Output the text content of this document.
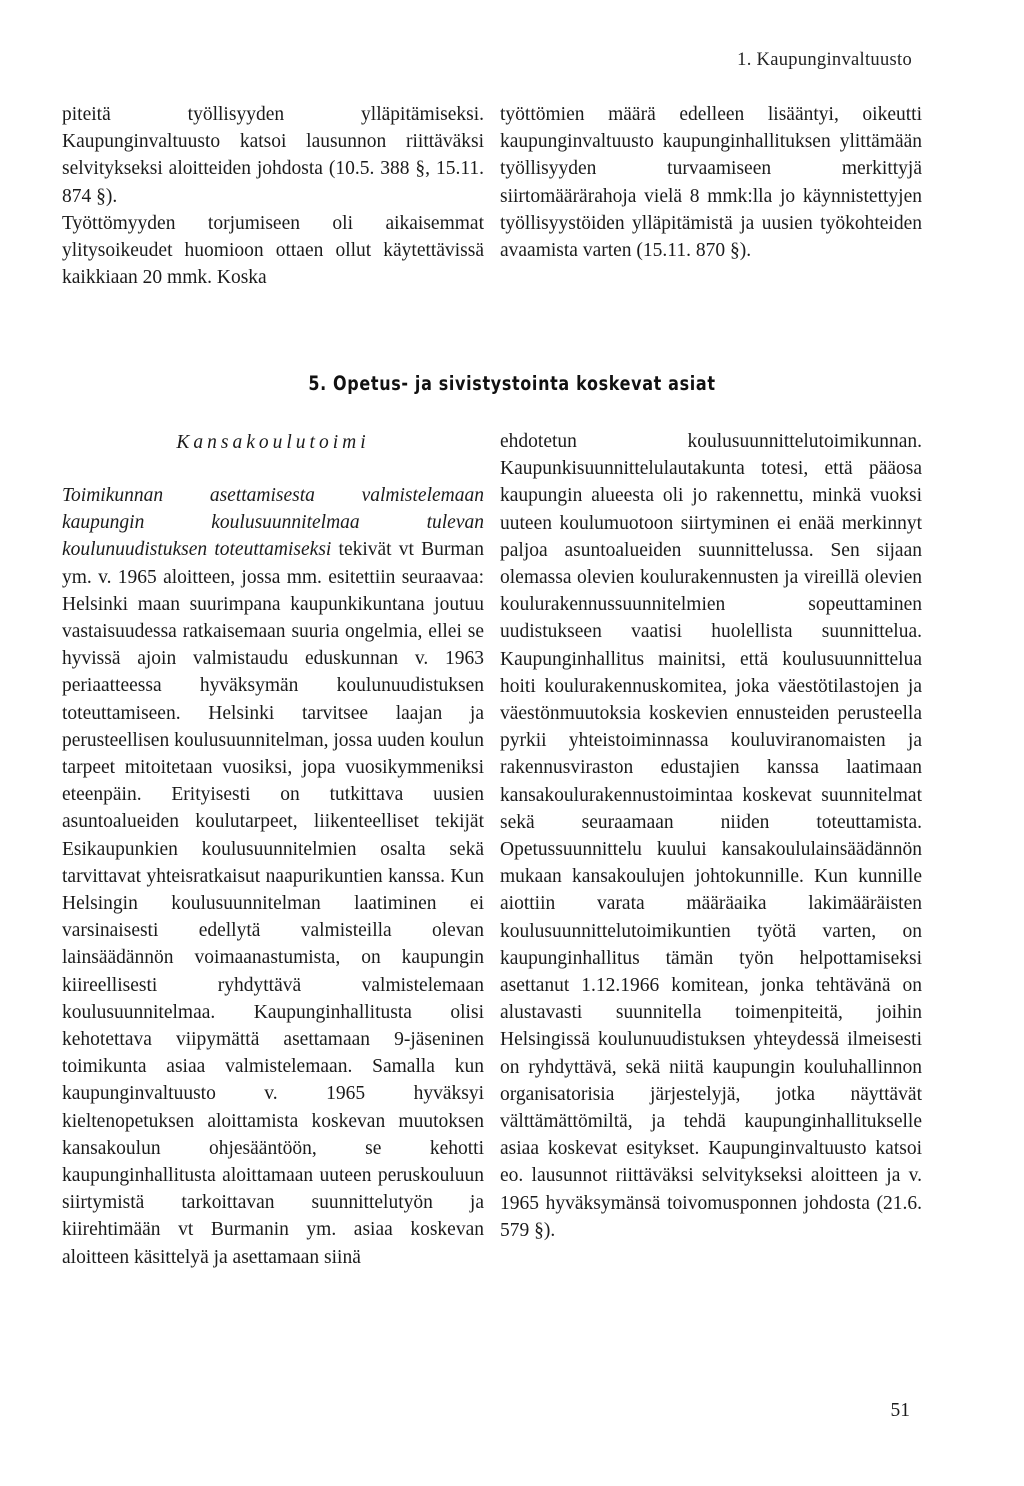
1. Kaupunginvaltuusto

piteitä työllisyyden ylläpitämiseksi. Kaupunginvaltuusto katsoi lausunnon riittäväksi selvitykseksi aloitteiden johdosta (10.5. 388 §, 15.11. 874 §).

Työttömyyden torjumiseen oli aikaisemmat ylitysoikeudet huomioon ottaen ollut käytettävissä kaikkiaan 20 mmk. Koska

työttömien määrä edelleen lisääntyi, oikeutti kaupunginvaltuusto kaupunginhallituksen ylittämään työllisyyden turvaamiseen merkittyjä siirtomäärärahoja vielä 8 mmk:lla jo käynnistettyjen työllisyystöiden ylläpitämistä ja uusien työkohteiden avaamista varten (15.11. 870 §).

5. Opetus- ja sivistystointa koskevat asiat
Kansakoulutoimi

Toimikunnan asettamisesta valmistelemaan kaupungin koulusuunnitelmaa tulevan koulunuudistuksen toteuttamiseksi tekivät vt Burman ym. v. 1965 aloitteen, jossa mm. esitettiin seuraavaa: Helsinki maan suurimpana kaupunkikuntana joutuu vastaisuudessa ratkaisemaan suuria ongelmia, ellei se hyvissä ajoin valmistaudu eduskunnan v. 1963 periaatteessa hyväksymän koulunuudistuksen toteuttamiseen. Helsinki tarvitsee laajan ja perusteellisen koulusuunnitelman, jossa uuden koulun tarpeet mitoitetaan vuosiksi, jopa vuosikymmeniksi eteenpäin. Erityisesti on tutkittava uusien asuntoalueiden koulutarpeet, liikenteelliset tekijät Esikaupunkien koulusuunnitelmien osalta sekä tarvittavat yhteisratkaisut naapurikuntien kanssa. Kun Helsingin koulusuunnitelman laatiminen ei varsinaisesti edellytä valmisteilla olevan lainsäädännön voimaanastumista, on kaupungin kiireellisesti ryhdyttävä valmistelemaan koulusuunnitelmaa. Kaupunginhallitusta olisi kehotettava viipymättä asettamaan 9-jäseninen toimikunta asiaa valmistelemaan. Samalla kun kaupunginvaltuusto v. 1965 hyväksyi kieltenopetuksen aloittamista koskevan muutoksen kansakoulun ohjesääntöön, se kehotti kaupunginhallitusta aloittamaan uuteen peruskouluun siirtymistä tarkoittavan suunnittelutyön ja kiirehtimään vt Burmanin ym. asiaa koskevan aloitteen käsittelyä ja asettamaan siinä

ehdotetun koulusuunnittelutoimikunnan. Kaupunkisuunnittelulautakunta totesi, että pääosa kaupungin alueesta oli jo rakennettu, minkä vuoksi uuteen koulumuotoon siirtyminen ei enää merkinnyt paljoa asuntoalueiden suunnittelussa. Sen sijaan olemassa olevien koulurakennusten ja vireillä olevien koulurakennussuunnitelmien sopeuttaminen uudistukseen vaatisi huolellista suunnittelua. Kaupunginhallitus mainitsi, että koulusuunnittelua hoiti koulurakennuskomitea, joka väestötilastojen ja väestönmuutoksia koskevien ennusteiden perusteella pyrkii yhteistoiminnassa kouluviranomaisten ja rakennusviraston edustajien kanssa laatimaan kansakoulurakennustoimintaa koskevat suunnitelmat sekä seuraamaan niiden toteuttamista. Opetussuunnittelu kuului kansakoululainsäädännön mukaan kansakoulujen johtokunnille. Kun kunnille aiottiin varata määräaika lakimääräisten koulusuunnittelutoimikuntien työtä varten, on kaupunginhallitus tämän työn helpottamiseksi asettanut 1.12.1966 komitean, jonka tehtävänä on alustavasti suunnitella toimenpiteitä, joihin Helsingissä koulunuudistuksen yhteydessä ilmeisesti on ryhdyttävä, sekä niitä kaupungin kouluhallinnon organisatorisia järjestelyjä, jotka näyttävät välttämättömiltä, ja tehdä kaupunginhallitukselle asiaa koskevat esitykset. Kaupunginvaltuusto katsoi eo. lausunnot riittäväksi selvitykseksi aloitteen ja v. 1965 hyväksymänsä toivomusponnen johdosta (21.6. 579 §).

51
